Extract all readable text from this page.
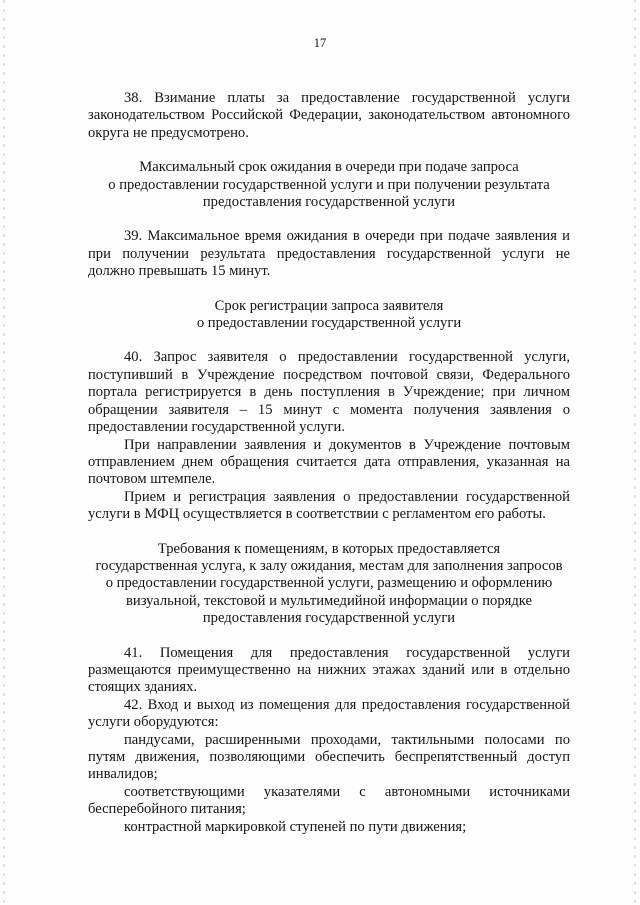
17

38. Взимание платы за предоставление государственной услуги законодательством Российской Федерации, законодательством автономного округа не предусмотрено.

Максимальный срок ожидания в очереди при подаче запроса
о предоставлении государственной услуги и при получении результата
предоставления государственной услуги

39. Максимальное время ожидания в очереди при подаче заявления и при получении результата предоставления государственной услуги не должно превышать 15 минут.

Срок регистрации запроса заявителя
о предоставлении государственной услуги

40. Запрос заявителя о предоставлении государственной услуги, поступивший в Учреждение посредством почтовой связи, Федерального портала регистрируется в день поступления в Учреждение; при личном обращении заявителя – 15 минут с момента получения заявления о предоставлении государственной услуги.

При направлении заявления и документов в Учреждение почтовым отправлением днем обращения считается дата отправления, указанная на почтовом штемпеле.

Прием и регистрация заявления о предоставлении государственной услуги в МФЦ осуществляется в соответствии с регламентом его работы.

Требования к помещениям, в которых предоставляется
государственная услуга, к залу ожидания, местам для заполнения запросов
о предоставлении государственной услуги, размещению и оформлению
визуальной, текстовой и мультимедийной информации о порядке
предоставления государственной услуги

41. Помещения для предоставления государственной услуги размещаются преимущественно на нижних этажах зданий или в отдельно стоящих зданиях.

42. Вход и выход из помещения для предоставления государственной услуги оборудуются:

пандусами, расширенными проходами, тактильными полосами по путям движения, позволяющими обеспечить беспрепятственный доступ инвалидов;

соответствующими указателями с автономными источниками бесперебойного питания;

контрастной маркировкой ступеней по пути движения;
